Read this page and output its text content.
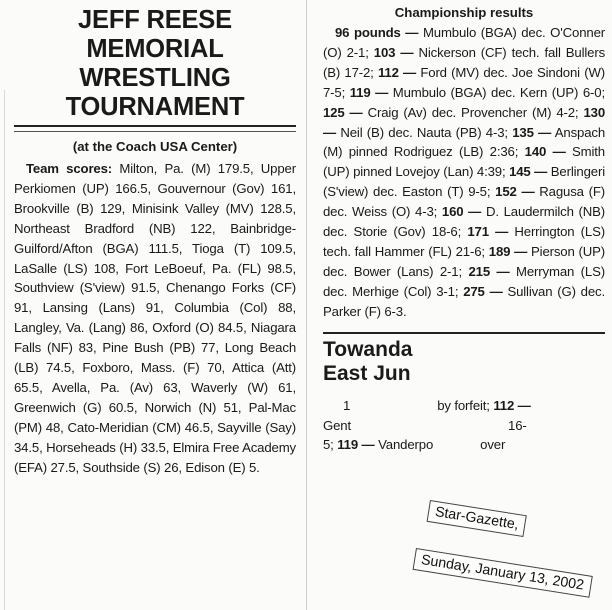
JEFF REESE MEMORIAL WRESTLING TOURNAMENT
(at the Coach USA Center)

Team scores: Milton, Pa. (M) 179.5, Upper Perkiomen (UP) 166.5, Gouvernour (Gov) 161, Brookville (B) 129, Minisink Valley (MV) 128.5, Northeast Bradford (NB) 122, Bainbridge-Guilford/Afton (BGA) 111.5, Tioga (T) 109.5, LaSalle (LS) 108, Fort LeBoeuf, Pa. (FL) 98.5, Southview (S'view) 91.5, Chenango Forks (CF) 91, Lansing (Lans) 91, Columbia (Col) 88, Langley, Va. (Lang) 86, Oxford (O) 84.5, Niagara Falls (NF) 83, Pine Bush (PB) 77, Long Beach (LB) 74.5, Foxboro, Mass. (F) 70, Attica (Att) 65.5, Avella, Pa. (Av) 63, Waverly (W) 61, Greenwich (G) 60.5, Norwich (N) 51, Pal-Mac (PM) 48, Cato-Meridian (CM) 46.5, Sayville (Say) 34.5, Horseheads (H) 33.5, Elmira Free Academy (EFA) 27.5, Southside (S) 26, Edison (E) 5.

Championship results

96 pounds — Mumbulo (BGA) dec. O'Conner (O) 2-1; 103 — Nickerson (CF) tech. fall Bullers (B) 17-2; 112 — Ford (MV) dec. Joe Sindoni (W) 7-5; 119 — Mumbulo (BGA) dec. Kern (UP) 6-0; 125 — Craig (Av) dec. Provencher (M) 4-2; 130 — Neil (B) dec. Nauta (PB) 4-3; 135 — Anspach (M) pinned Rodriguez (LB) 2:36; 140 — Smith (UP) pinned Lovejoy (Lan) 4:39; 145 — Berlingeri (S'view) dec. Easton (T) 9-5; 152 — Ragusa (F) dec. Weiss (O) 4-3; 160 — D. Laudermilch (NB) dec. Storie (Gov) 18-6; 171 — Herrington (LS) tech. fall Hammer (FL) 21-6; 189 — Pierson (UP) dec. Bower (Lans) 2-1; 215 — Merryman (LS) dec. Merhige (Col) 3-1; 275 — Sullivan (G) dec. Parker (F) 6-3.

Towanda
East Jun

1	by forfeit; 112 —
Gent	16-
5; 119 — Vanderpo	over

Star-Gazette,
Sunday, January 13, 2002
